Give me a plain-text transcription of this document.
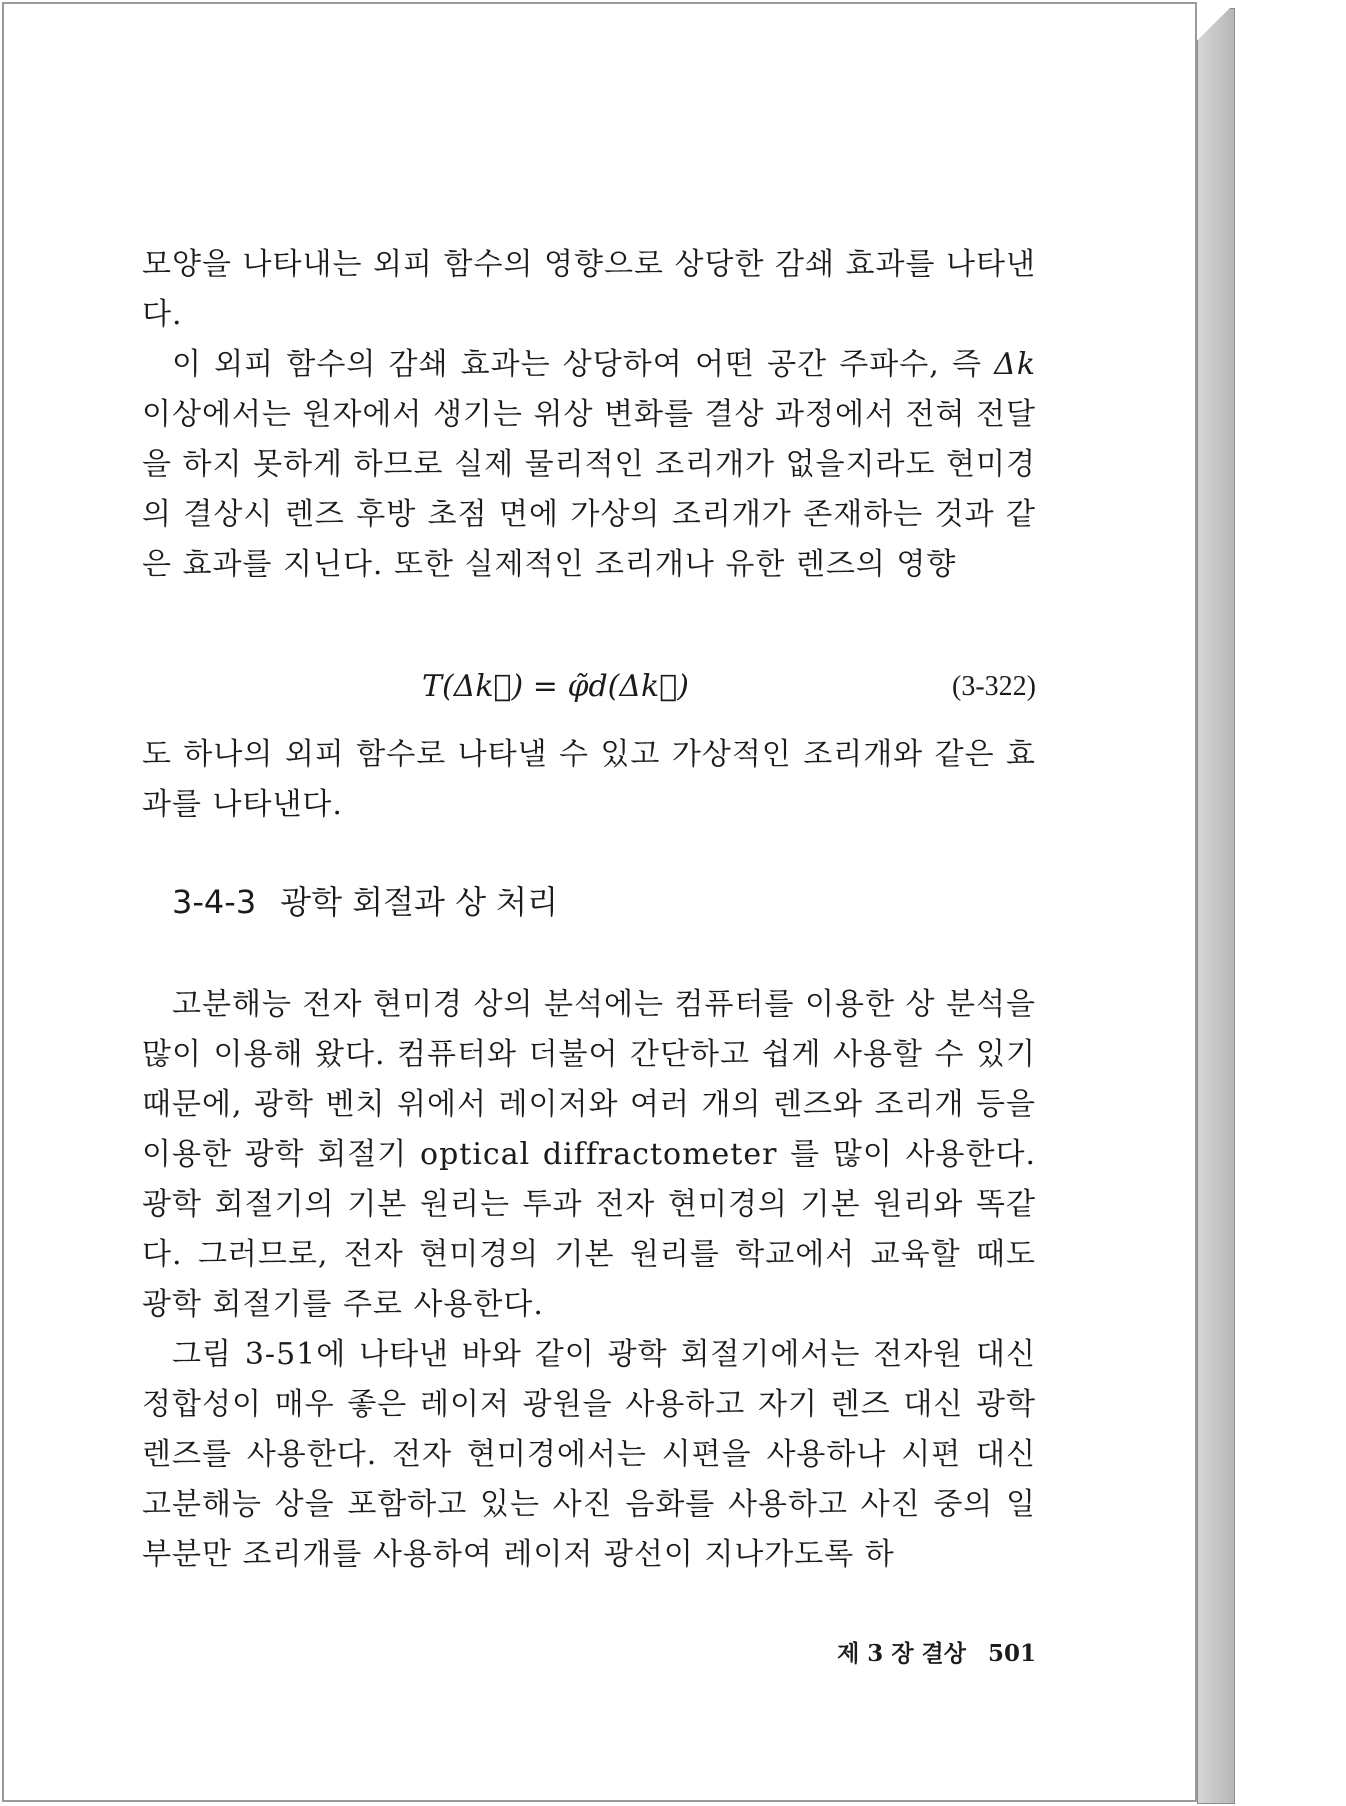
모양을 나타내는 외피 함수의 영향으로 상당한 감쇄 효과를 나타낸다.

이 외피 함수의 감쇄 효과는 상당하여 어떤 공간 주파수, 즉 Δk 이상에서는 원자에서 생기는 위상 변화를 결상 과정에서 전혀 전달을 하지 못하게 하므로 실제 물리적인 조리개가 없을지라도 현미경의 결상시 렌즈 후방 초점 면에 가상의 조리개가 존재하는 것과 같은 효과를 지닌다. 또한 실제적인 조리개나 유한 렌즈의 영향

T(Δk⃗) = φ̃d(Δk⃗)	(3-322)

도 하나의 외피 함수로 나타낼 수 있고 가상적인 조리개와 같은 효과를 나타낸다.

3-4-3 광학 회절과 상 처리

고분해능 전자 현미경 상의 분석에는 컴퓨터를 이용한 상 분석을 많이 이용해 왔다. 컴퓨터와 더불어 간단하고 쉽게 사용할 수 있기 때문에, 광학 벤치 위에서 레이저와 여러 개의 렌즈와 조리개 등을 이용한 광학 회절기 optical diffractometer 를 많이 사용한다. 광학 회절기의 기본 원리는 투과 전자 현미경의 기본 원리와 똑같다. 그러므로, 전자 현미경의 기본 원리를 학교에서 교육할 때도 광학 회절기를 주로 사용한다.

그림 3-51에 나타낸 바와 같이 광학 회절기에서는 전자원 대신 정합성이 매우 좋은 레이저 광원을 사용하고 자기 렌즈 대신 광학 렌즈를 사용한다. 전자 현미경에서는 시편을 사용하나 시편 대신 고분해능 상을 포함하고 있는 사진 음화를 사용하고 사진 중의 일부분만 조리개를 사용하여 레이저 광선이 지나가도록 하

제 3 장 결상 501
